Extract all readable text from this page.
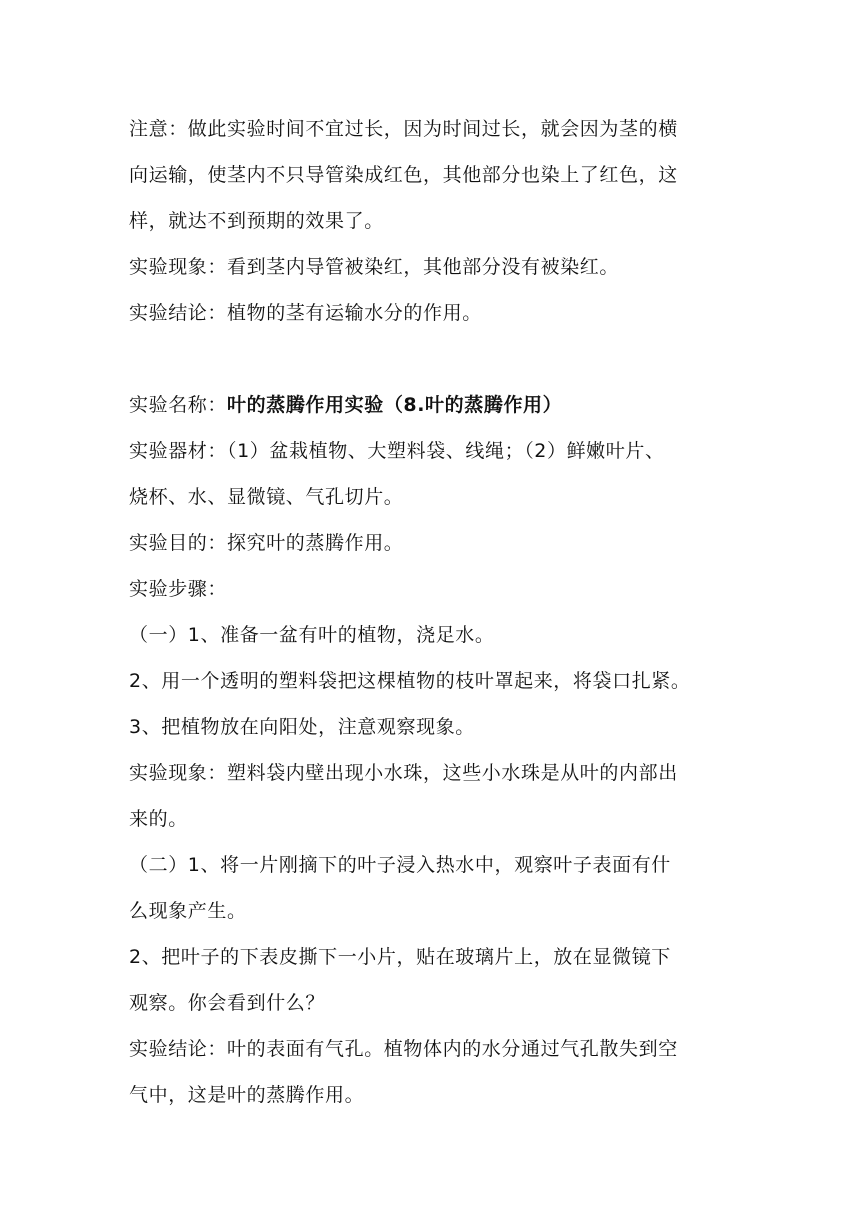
注意：做此实验时间不宜过长，因为时间过长，就会因为茎的横
向运输，使茎内不只导管染成红色，其他部分也染上了红色，这
样，就达不到预期的效果了。
实验现象：看到茎内导管被染红，其他部分没有被染红。
实验结论：植物的茎有运输水分的作用。
实验名称：叶的蒸腾作用实验（8.叶的蒸腾作用）
实验器材：（1）盆栽植物、大塑料袋、线绳；（2）鲜嫩叶片、
烧杯、水、显微镜、气孔切片。
实验目的：探究叶的蒸腾作用。
实验步骤：
（一）1、准备一盆有叶的植物，浇足水。
2、用一个透明的塑料袋把这棵植物的枝叶罩起来，将袋口扎紧。
3、把植物放在向阳处，注意观察现象。
实验现象：塑料袋内壁出现小水珠，这些小水珠是从叶的内部出
来的。
（二）1、将一片刚摘下的叶子浸入热水中，观察叶子表面有什
么现象产生。
2、把叶子的下表皮撕下一小片，贴在玻璃片上，放在显微镜下
观察。你会看到什么？
实验结论：叶的表面有气孔。植物体内的水分通过气孔散失到空
气中，这是叶的蒸腾作用。
